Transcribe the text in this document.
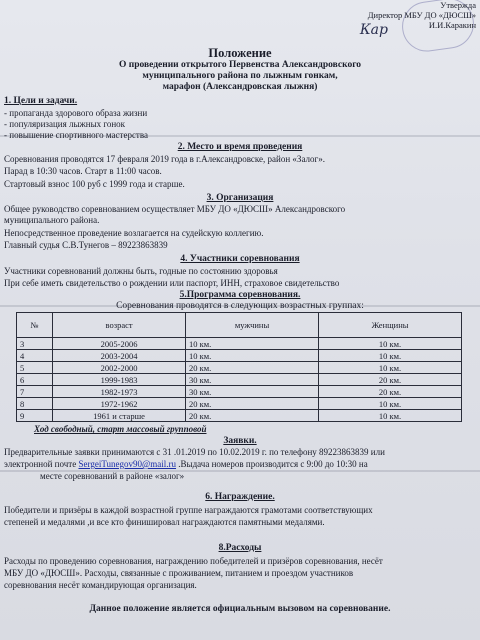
Кар
Утвержда
Директор МБУ ДО «ДЮСШ»
И.И.Каракин
Положение
О проведении открытого Первенства Александровского
муниципального района по лыжным гонкам,
марафон (Александровская лыжня)
1. Цели и задачи.
- пропаганда здорового образа жизни
- популяризация лыжных гонок
- повышение спортивного мастерства
2. Место и время проведения
Соревнования проводятся 17 февраля 2019 года в г.Александровске, район «Залог».
Парад в 10:30 часов. Старт в 11:00 часов.
Стартовый взнос 100 руб с 1999 года и старше.
3. Организация
Общее руководство соревнованием осуществляет МБУ ДО «ДЮСШ» Александровского
муниципального района.
Непосредственное проведение возлагается на судейскую коллегию.
Главный судья С.В.Тунегов – 89223863839
4. Участники соревнования
Участники соревнований должны быть, годные по состоянию здоровья
При себе иметь свидетельство о рождении или паспорт, ИНН, страховое свидетельство
5.Программа соревнования.
Соревнования проводятся в следующих возрастных группах:
№	возраст	мужчины	Женщины
3	2005-2006	10 км.	10 км.
4	2003-2004	10 км.	10 км.
5	2002-2000	20 км.	10 км.
6	1999-1983	30 км.	20 км.
7	1982-1973	30 км.	20 км.
8	1972-1962	20 км.	10 км.
9	1961 и старше	20 км.	10 км.
Ход свободный, старт массовый групповой
Заявки.
Предварительные заявки принимаются с 31 .01.2019 по 10.02.2019 г. по телефону 89223863839 или
электронной почте SergeiTunegov90@mail.ru .Выдача номеров производится с 9:00 до 10:30 на
месте соревнований в районе «залог»
6. Награждение.
Победители и призёры в каждой возрастной группе награждаются грамотами соответствующих
степеней и медалями ,и все кто финишировал награждаются памятными медалями.
8.Расходы
Расходы по проведению соревнования, награждению победителей и призёров соревнования, несёт
МБУ ДО «ДЮСШ». Расходы, связанные с проживанием, питанием и проездом участников
соревнования несёт командирующая организация.
Данное положение является официальным вызовом на соревнование.
